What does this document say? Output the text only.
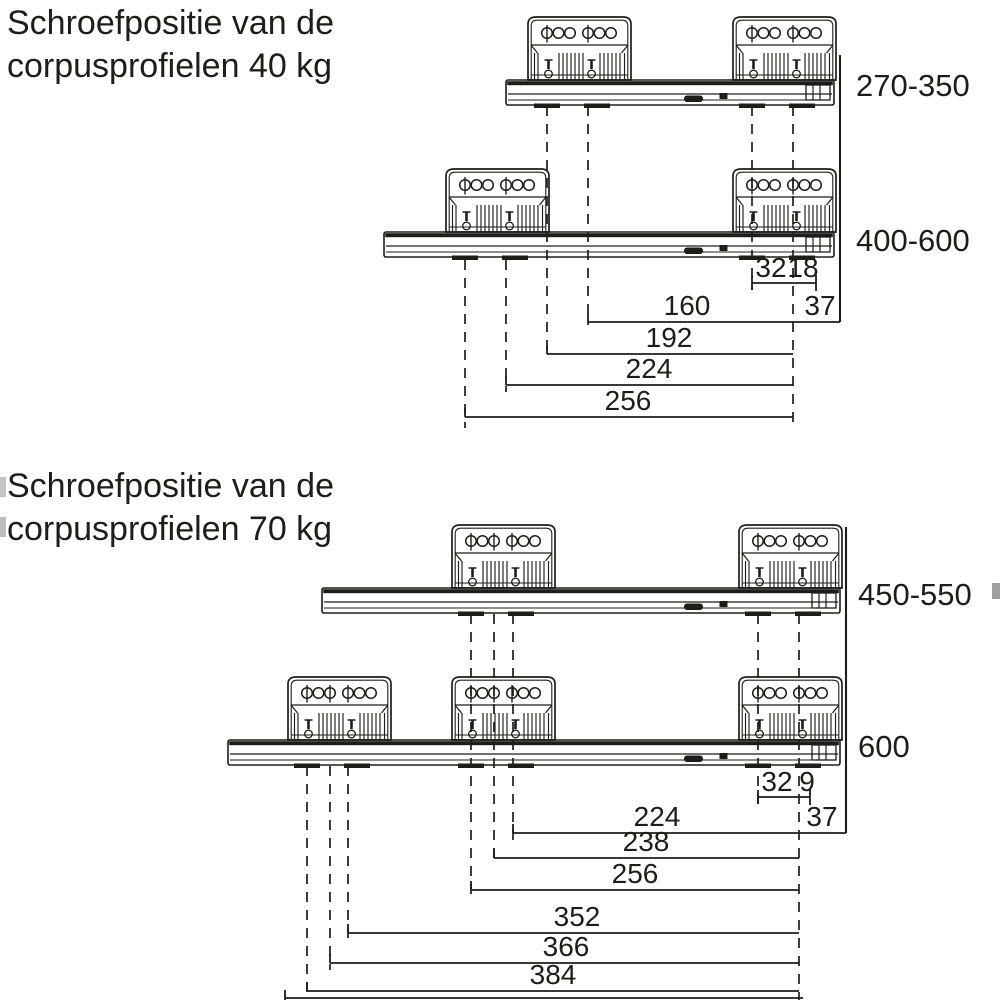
Schroefpositie van de
corpusprofielen 40 kg
270-350
400-600
32 18
160	37
192
224
256
Schroefpositie van de
corpusprofielen 70 kg
450-550
600
32 9
224	37
238
256
352
366
384
